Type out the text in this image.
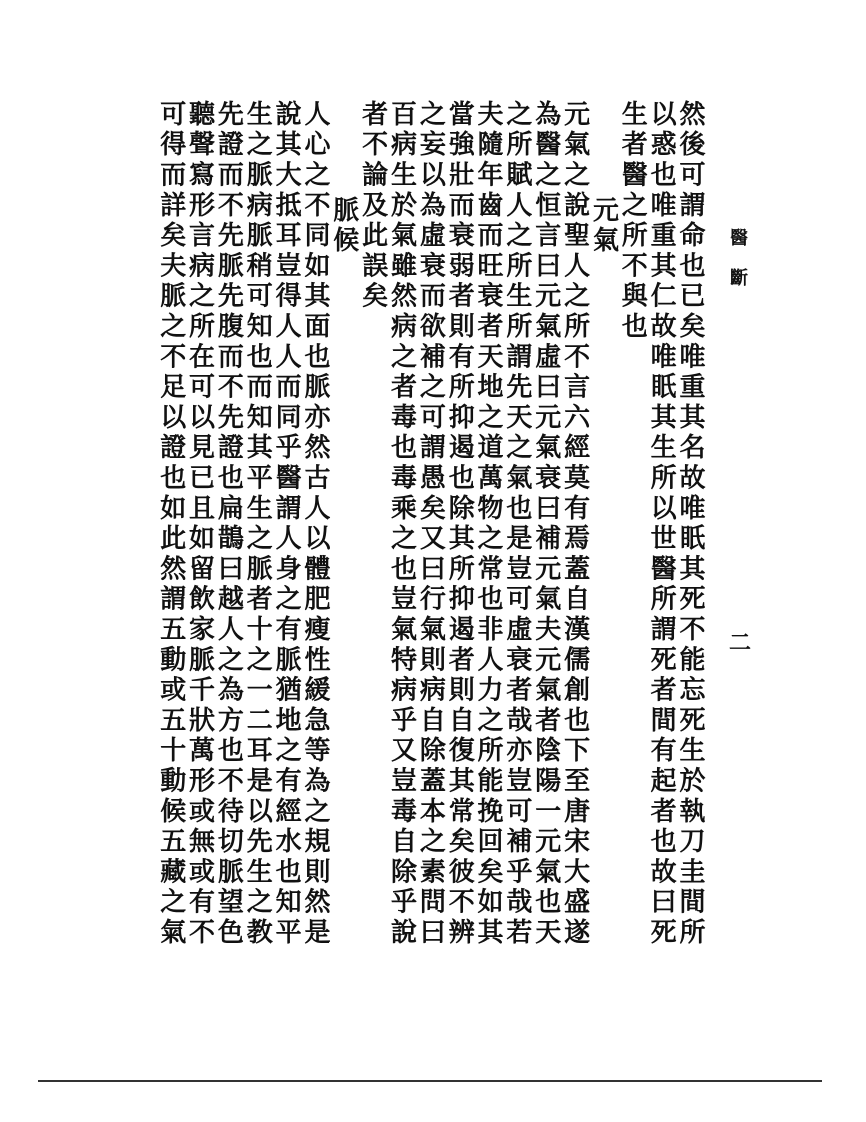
醫斷
二
然後可謂命也已矣唯重其名故唯眂其死不能忘死生於執刀圭間所
以惑也唯重其仁故唯眂其生所以世醫所謂死者間有起者也故曰死
生者醫之所不與也
元氣
元氣之說聖人之所不言六經莫有焉蓋自漢儒創也下至唐宋大盛遂
為醫之恒言曰元氣虛曰元氣衰曰補元氣夫元氣者陰陽一元氣也天
之所賦人之所生所謂先天之氣也是豈可虛衰者哉亦豈可補乎哉若
夫隨年齒而旺衰者天地之道萬物之常也非人力之所能挽回矣如其
當強壯而衰弱者則有所抑遏也除其所抑遏者則自復其常矣彼不辨
之妄以為虛衰而欲補之可謂愚矣又曰行氣則病自除蓋本之素問曰
百病生於氣雖然病之者毒也毒乘之也豈氣特病乎又豈毒自除乎說
者不論及此誤矣
脈候
人心之不同如其面也脈亦然古人以體肥瘦性緩急等為之規則然是
說其大抵耳豈得人人而同乎醫謂人身之有脈猶地之有經水也知平
生之脈病脈稍可知也而知其平生之脈者十之一二耳是以先生之教
先證而不先脈先腹而不先證也扁鵲曰越人之為方也不待切脈望色
聽聲寫形言病之所在可以見已且如留飲家脈千狀萬形或無或有不
可得而詳矣夫脈之不足以證也如此然謂五動或五十動候五藏之氣
